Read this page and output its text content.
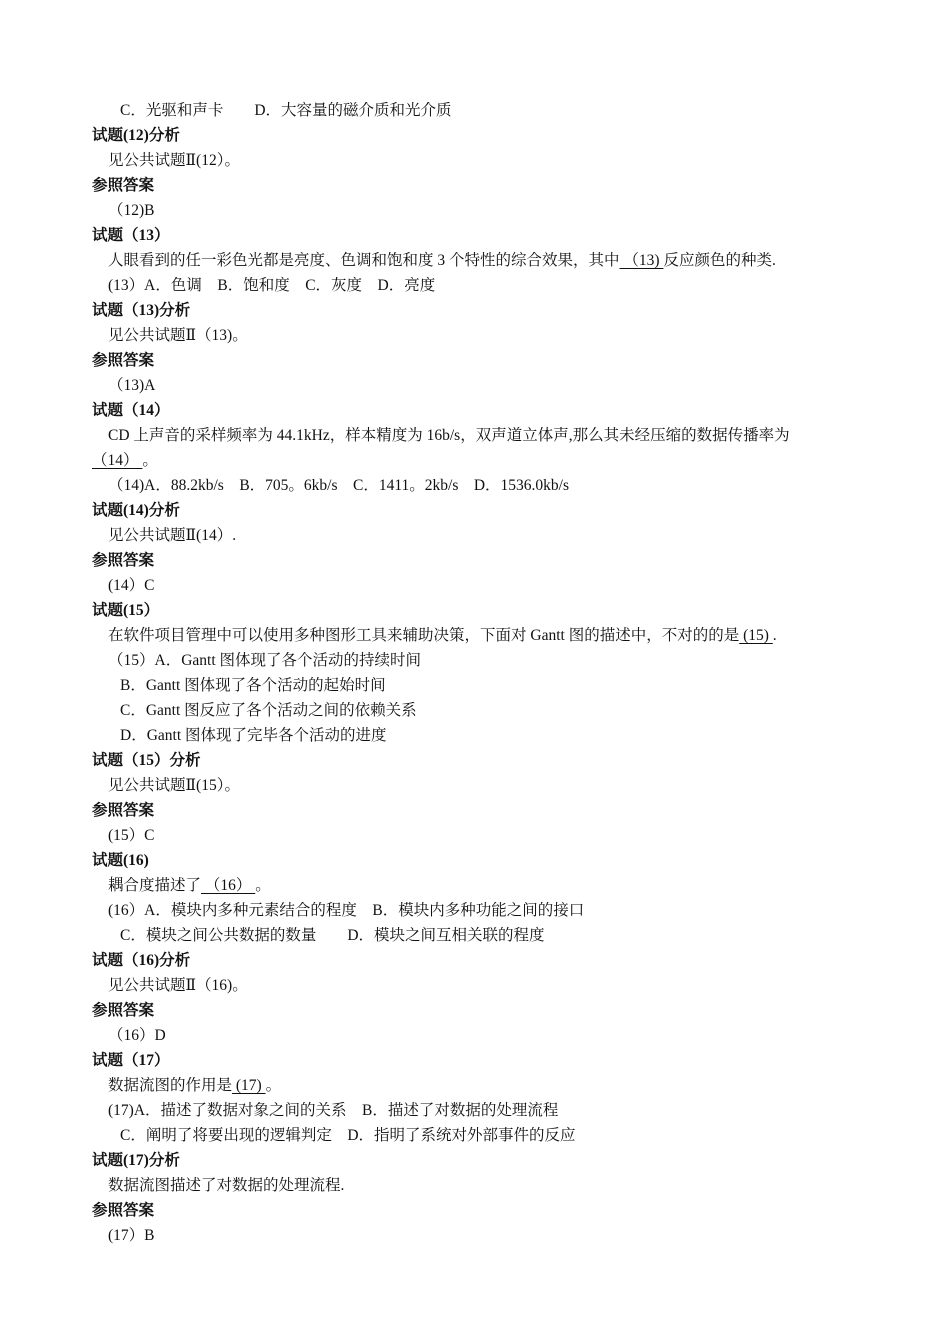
C．光驱和声卡　　D．大容量的磁介质和光介质
试题(12)分析
见公共试题Ⅱ(12）。
参照答案
（12)B
试题（13）
人眼看到的任一彩色光都是亮度、色调和饱和度 3 个特性的综合效果，其中 （13) 反应颜色的种类.
(13）A．色调　B．饱和度　C．灰度　D．亮度
试题（13)分析
见公共试题Ⅱ（13)。
参照答案
（13)A
试题（14）
CD 上声音的采样频率为 44.1kHz，样本精度为 16b/s，双声道立体声,那么其未经压缩的数据传播率为
（14） 。
（14)A．88.2kb/s　B．705。6kb/s　C．1411。2kb/s　D．1536.0kb/s
试题(14)分析
见公共试题Ⅱ(14）.
参照答案
(14）C
试题(15）
在软件项目管理中可以使用多种图形工具来辅助决策，下面对 Gantt 图的描述中，不对的的是 (15) .
（15）A．Gantt 图体现了各个活动的持续时间
B．Gantt 图体现了各个活动的起始时间
C．Gantt 图反应了各个活动之间的依赖关系
D．Gantt 图体现了完毕各个活动的进度
试题（15）分析
见公共试题Ⅱ(15）。
参照答案
(15）C
试题(16)
耦合度描述了 （16） 。
(16）A．模块内多种元素结合的程度　B．模块内多种功能之间的接口
C．模块之间公共数据的数量　　D．模块之间互相关联的程度
试题（16)分析
见公共试题Ⅱ（16)。
参照答案
（16）D
试题（17）
数据流图的作用是 (17) 。
(17)A．描述了数据对象之间的关系　B．描述了对数据的处理流程
C．阐明了将要出现的逻辑判定　D．指明了系统对外部事件的反应
试题(17)分析
数据流图描述了对数据的处理流程.
参照答案
(17）B
